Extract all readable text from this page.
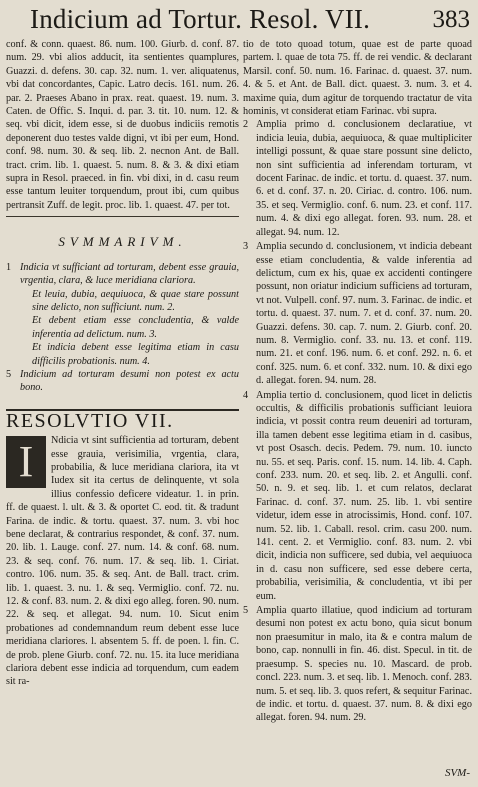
Indicium ad Tortur. Resol. VII. 383

conf. & conn. quaest. 86. num. 100. Giurb. d. conf. 87. num. 29. vbi alios adducit, ita sentientes quamplures, Guazzi. d. defens. 30. cap. 32. num. 1. ver. aliquatenus, vbi dat concordantes, Capic. Latro decis. 161. num. 26. par. 2. Praeses Abano in prax. reat. quaest. 19. num. 3. Caten. de Offic. S. Inqui. d. par. 3. tit. 10. num. 12. & seq. vbi dicit, idem esse, si de duobus indiciis remotis deponerent duo testes valde digni, vt ibi per eum, Hond. conf. 98. num. 30. & seq. lib. 2. necnon Ant. de Ball. tract. crim. lib. 1. quaest. 5. num. 8. & 3. & dixi etiam supra in Resol. praeced. in fin. vbi dixi, in d. casu reum esse tantum leuiter torquendum, prout ibi, cum quibus pertransit Zuff. de legit. proc. lib. 1. quaest. 47. per tot.

SVMMARIVM.
1 Indicia vt sufficiant ad torturam, debent esse grauia, vrgentia, clara, & luce meridiana clariora.
Et leuia, dubia, aequiuoca, & quae stare possunt sine delicto, non sufficiunt. num. 2.
Et debent etiam esse concludentia, & valde inferentia ad delictum. num. 3.
Et indicia debent esse legitima etiam in casu difficilis probationis. num. 4.
5 Indicium ad torturam desumi non potest ex actu bono.
RESOLVTIO VII.

I	Ndicia vt sint sufficientia ad torturam, debent esse grauia, verisimilia, vrgentia, clara, probabilia, & luce meridiana clariora, ita vt Iudex sit ita certus de delinquente, vt sola illius confessio deficere videatur. 1. in prin. ff. de quaest. l. ult. & 3. & oportet C. eod. tit. & tradunt Farina. de indic. & tortu. quaest. 37. num. 3. vbi hoc bene declarat, & contrarius respondet, & conf. 37. num. 20. lib. 1. Lauge. conf. 27. num. 14. & conf. 68. num. 23. & seq. conf. 76. num. 17. & seq. lib. 1. Ciriat. contro. 106. num. 35. & seq. Ant. de Ball. tract. crim. lib. 1. quaest. 3. nu. 1. & seq. Vermiglio. conf. 72. nu. 12. & conf. 83. num. 2. & dixi ego alleg. foren. 90. num. 22. & seq. et allegat. 94. num. 10. Sicut enim probationes ad condemnandum reum debent esse luce meridiana clariores. l. absentem 5. ff. de poen. l. fin. C. de prob. plene Giurb. conf. 72. nu. 15. ita luce meridiana clariora debent esse indicia ad torquendum, cum eadem sit ra-

tio de toto quoad totum, quae est de parte quoad partem. l. quae de tota 75. ff. de rei vendic. & declarant Marsil. conf. 50. num. 16. Farinac. d. quaest. 37. num. 4. & 5. et Ant. de Ball. dict. quaest. 3. num. 3. et 4. maxime quia, dum agitur de torquendo tractatur de vita hominis, vt considerat etiam Farinac. vbi supra.

2 Amplia primo d. conclusionem declaratiue, vt indicia leuia, dubia, aequiuoca, & quae multipliciter intelligi possunt, & quae stare possunt sine delicto, non sint sufficientia ad inferendam torturam, vt docent Farinac. de indic. et tortu. d. quaest. 37. num. 6. et d. conf. 37. n. 20. Ciriac. d. contro. 106. num. 35. et seq. Vermiglio. conf. 6. num. 23. et conf. 117. num. 4. & dixi ego allegat. foren. 93. num. 28. et allegat. 94. num. 12.
3 Amplia secundo d. conclusionem, vt indicia debeant esse etiam concludentia, & valde inferentia ad delictum, cum ex his, quae ex accidenti contingere possunt, non oriatur indicium sufficiens ad torturam, vt not. Vulpell. conf. 97. num. 3. Farinac. de indic. et tortu. d. quaest. 37. num. 7. et d. conf. 37. num. 20. Guazzi. defens. 30. cap. 7. num. 2. Giurb. conf. 20. num. 8. Vermiglio. conf. 33. nu. 13. et conf. 119. num. 21. et conf. 196. num. 6. et conf. 292. n. 6. et conf. 325. num. 6. et conf. 332. num. 10. & dixi ego d. allegat. foren. 94. num. 28.
4 Amplia tertio d. conclusionem, quod licet in delictis occultis, & difficilis probationis sufficiant leuiora indicia, vt possit contra reum deueniri ad torturam, illa tamen debent esse legitima etiam in d. casibus, vt post Osasch. decis. Pedem. 79. num. 10. iuncto nu. 55. et seq. Paris. conf. 15. num. 14. lib. 4. Caph. conf. 233. num. 20. et seq. lib. 2. et Angulli. conf. 50. n. 9. et seq. lib. 1. et cum relatos, declarat Farinac. d. conf. 37. num. 25. lib. 1. vbi sentire videtur, idem esse in atrocissimis, Hond. conf. 107. num. 52. lib. 1. Caball. resol. crim. casu 200. num. 141. cent. 2. et Vermiglio. conf. 83. num. 2. vbi dicit, indicia non sufficere, sed dubia, vel aequiuoca in d. casu non sufficere, sed esse debere certa, probabilia, verisimilia, & concludentia, vt ibi per eum.
5 Amplia quarto illatiue, quod indicium ad torturam desumi non potest ex actu bono, quia sicut bonum non praesumitur in malo, ita & e contra malum de bono, cap. nonnulli in fin. 46. dist. Specul. in tit. de praesump. S. species nu. 10. Mascard. de prob. concl. 223. num. 3. et seq. lib. 1. Menoch. conf. 283. num. 5. et seq. lib. 3. quos refert, & sequitur Farinac. de indic. et tortu. d. quaest. 37. num. 8. & dixi ego allegat. foren. 94. num. 29.
SVM-
